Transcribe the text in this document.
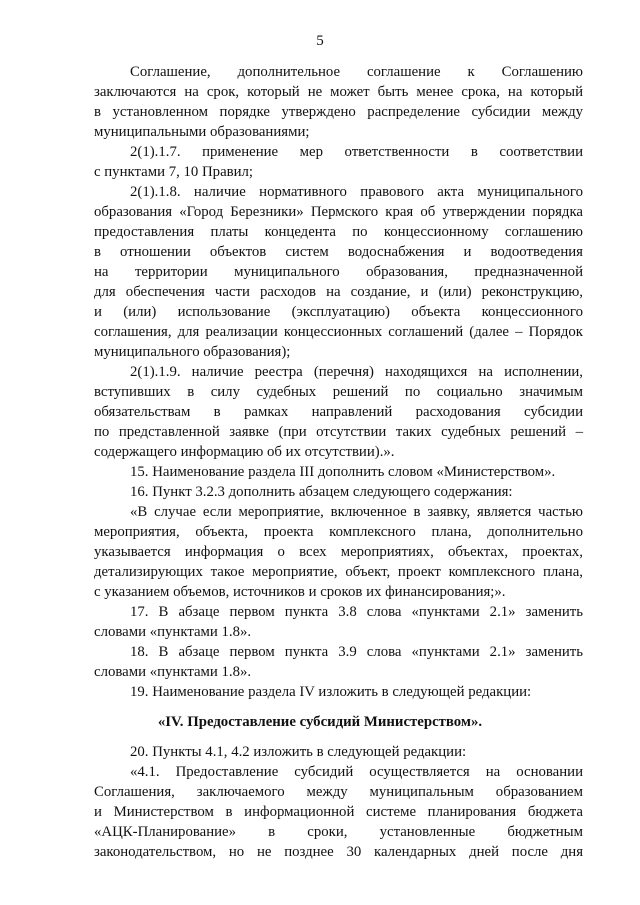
5
Соглашение, дополнительное соглашение к Соглашению
заключаются на срок, который не может быть менее срока, на который
в установленном порядке утверждено распределение субсидии между
муниципальными образованиями;
2(1).1.7. применение мер ответственности в соответствии
с пунктами 7, 10 Правил;
2(1).1.8. наличие нормативного правового акта муниципального
образования «Город Березники» Пермского края об утверждении порядка
предоставления платы концедента по концессионному соглашению
в отношении объектов систем водоснабжения и водоотведения
на территории муниципального образования, предназначенной
для обеспечения части расходов на создание, и (или) реконструкцию,
и (или) использование (эксплуатацию) объекта концессионного
соглашения, для реализации концессионных соглашений (далее – Порядок
муниципального образования);
2(1).1.9. наличие реестра (перечня) находящихся на исполнении,
вступивших в силу судебных решений по социально значимым
обязательствам в рамках направлений расходования субсидии
по представленной заявке (при отсутствии таких судебных решений –
содержащего информацию об их отсутствии).».
15. Наименование раздела III дополнить словом «Министерством».
16. Пункт 3.2.3 дополнить абзацем следующего содержания:
«В случае если мероприятие, включенное в заявку, является частью
мероприятия, объекта, проекта комплексного плана, дополнительно
указывается информация о всех мероприятиях, объектах, проектах,
детализирующих такое мероприятие, объект, проект комплексного плана,
с указанием объемов, источников и сроков их финансирования;».
17. В абзаце первом пункта 3.8 слова «пунктами 2.1» заменить
словами «пунктами 1.8».
18. В абзаце первом пункта 3.9 слова «пунктами 2.1» заменить
словами «пунктами 1.8».
19. Наименование раздела IV изложить в следующей редакции:
«IV. Предоставление субсидий Министерством».
20. Пункты 4.1, 4.2 изложить в следующей редакции:
«4.1. Предоставление субсидий осуществляется на основании
Соглашения, заключаемого между муниципальным образованием
и Министерством в информационной системе планирования бюджета
«АЦК-Планирование» в сроки, установленные бюджетным
законодательством, но не позднее 30 календарных дней после дня
